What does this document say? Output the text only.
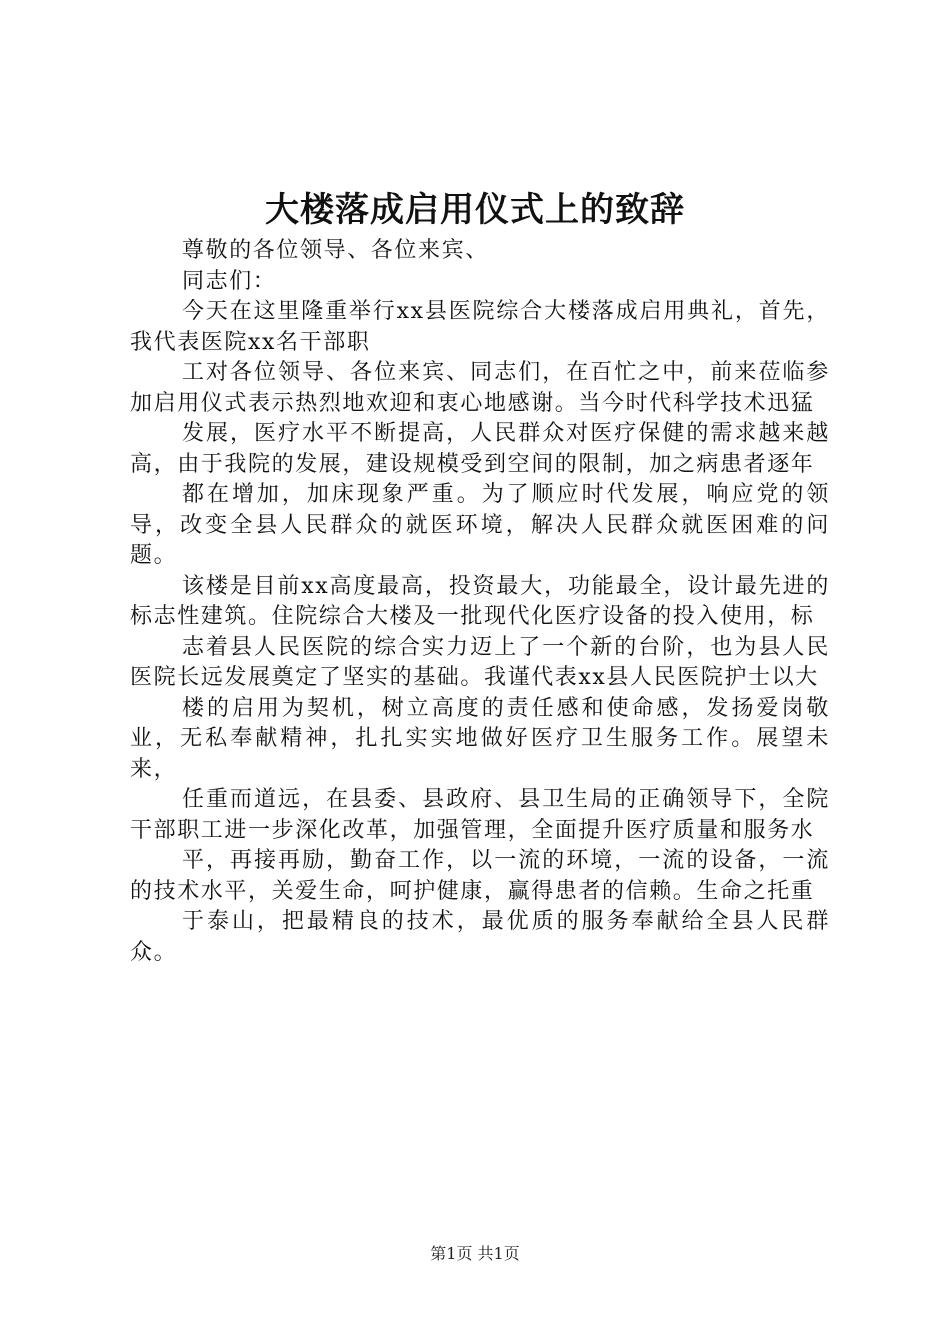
大楼落成启用仪式上的致辞

尊敬的各位领导、各位来宾、

同志们：

今天在这里隆重举行xx县医院综合大楼落成启用典礼，首先，我代表医院xx名干部职

工对各位领导、各位来宾、同志们，在百忙之中，前来莅临参加启用仪式表示热烈地欢迎和衷心地感谢。当今时代科学技术迅猛

发展，医疗水平不断提高，人民群众对医疗保健的需求越来越高，由于我院的发展，建设规模受到空间的限制，加之病患者逐年

都在增加，加床现象严重。为了顺应时代发展，响应党的领导，改变全县人民群众的就医环境，解决人民群众就医困难的问题。

该楼是目前xx高度最高，投资最大，功能最全，设计最先进的标志性建筑。住院综合大楼及一批现代化医疗设备的投入使用，标

志着县人民医院的综合实力迈上了一个新的台阶，也为县人民医院长远发展奠定了坚实的基础。我谨代表xx县人民医院护士以大

楼的启用为契机，树立高度的责任感和使命感，发扬爱岗敬业，无私奉献精神，扎扎实实地做好医疗卫生服务工作。展望未来，

任重而道远，在县委、县政府、县卫生局的正确领导下，全院干部职工进一步深化改革，加强管理，全面提升医疗质量和服务水

平，再接再励，勤奋工作，以一流的环境，一流的设备，一流的技术水平，关爱生命，呵护健康，赢得患者的信赖。生命之托重

于泰山，把最精良的技术，最优质的服务奉献给全县人民群众。

第1页 共1页
